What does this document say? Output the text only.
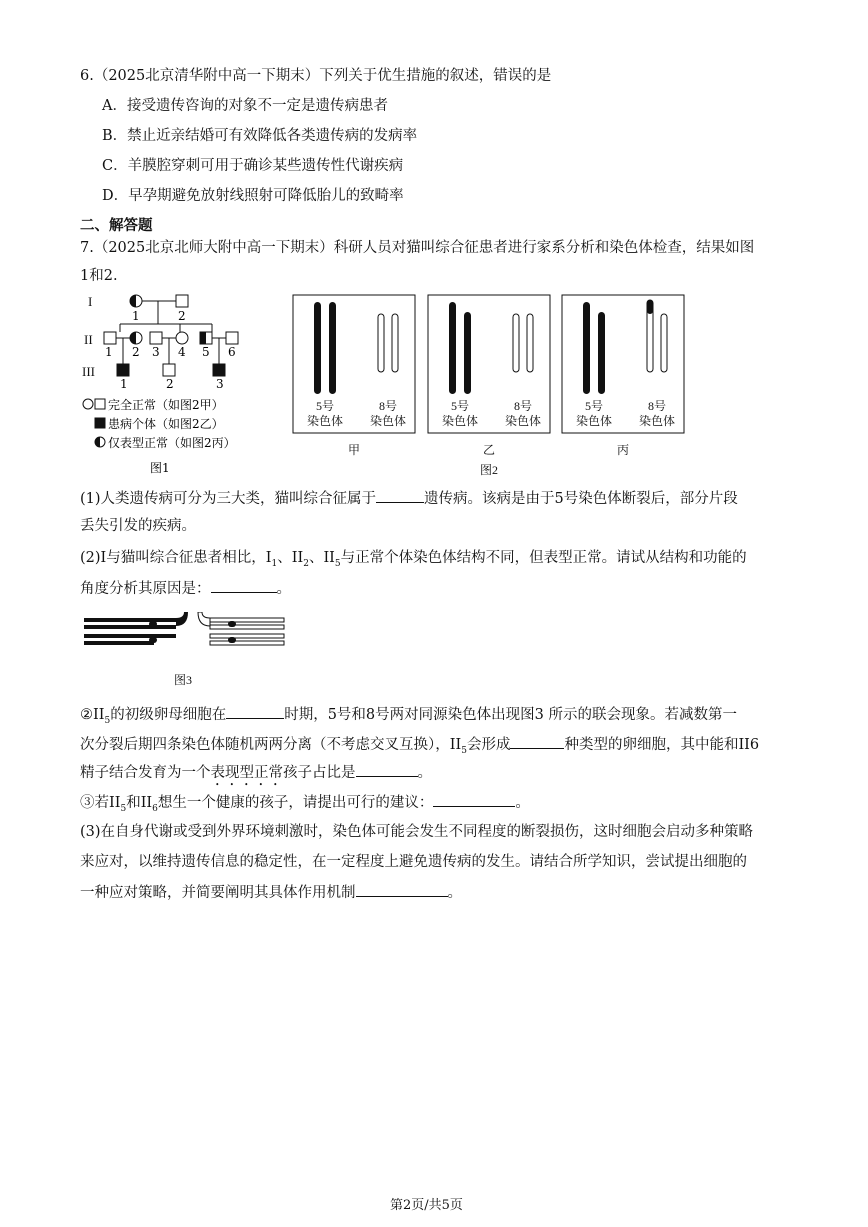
6.（2025北京清华附中高一下期末）下列关于优生措施的叙述，错误的是
A．接受遗传咨询的对象不一定是遗传病患者
B．禁止近亲结婚可有效降低各类遗传病的发病率
C．羊膜腔穿刺可用于确诊某些遗传性代谢疾病
D．早孕期避免放射线照射可降低胎儿的致畸率
二、解答题
7.（2025北京北师大附中高一下期末）科研人员对猫叫综合征患者进行家系分析和染色体检查，结果如图
1和2.
I
II
III
1	2
1 2 3 4 5 6
1	2	3
完全正常（如图2甲）
患病个体（如图2乙）
仅表型正常（如图2丙）
图1
5号
染色体
8号
染色体
5号
染色体
8号
染色体
5号
染色体
8号
染色体
甲	乙	丙
图2
(1)人类遗传病可分为三大类，猫叫综合征属于	遗传病。该病是由于5号染色体断裂后，部分片段
丢失引发的疾病。
(2)I与猫叫综合征患者相比，$I_1$、$II_2$、$II_5$与正常个体染色体结构不同，但表型正常。请试从结构和功能的
角度分析其原因是：	。
图3
$②II_5$的初级卵母细胞在	时期，5号和8号两对同源染色体出现图3 所示的联会现象。若减数第一
次分裂后期四条染色体随机两两分离（不考虑交叉互换），$II_5$会形成	种类型的卵细胞，其中能和II6
精子结合发育为一个表现型正常孩子占比是	。
③若$II_5$和$II_6$想生一个健康的孩子，请提出可行的建议：	。
(3)在自身代谢或受到外界环境刺激时，染色体可能会发生不同程度的断裂损伤，这时细胞会启动多种策略
来应对，以维持遗传信息的稳定性，在一定程度上避免遗传病的发生。请结合所学知识，尝试提出细胞的
一种应对策略，并简要阐明其具体作用机制	。
第2页/共5页
